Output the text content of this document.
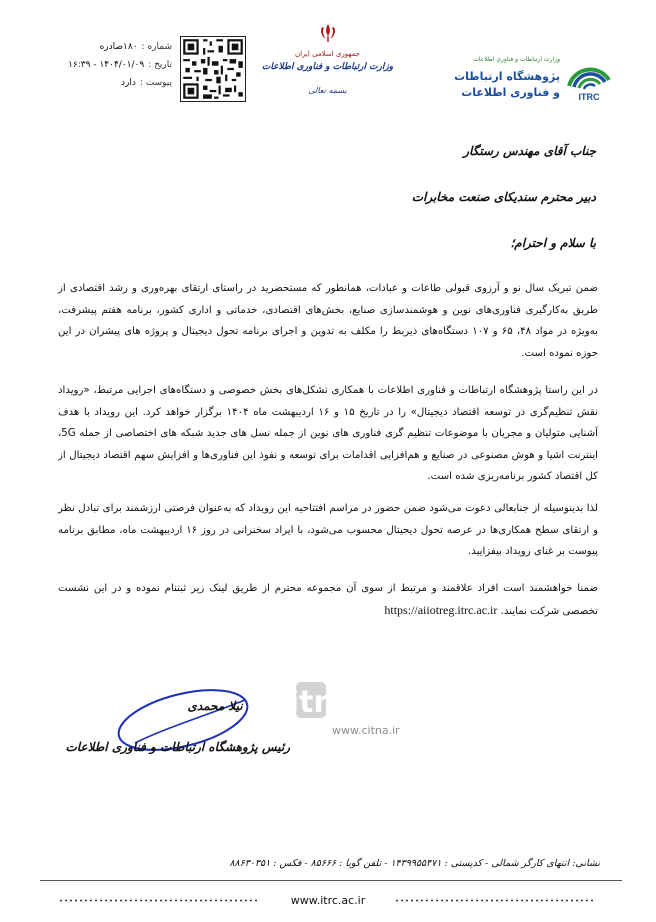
شماره :
۱۸۰صادره
تاریخ :
۱۴۰۴/۰۱/۰۹ - ۱۶:۳۹
پیوست :
دارد
جمهوری اسلامی ایران
وزارت ارتباطات و فناوری اطلاعات
بسمه تعالی
وزارت ارتباطات و فناوری اطلاعات
پژوهشگاه ارتباطات
و فناوری اطلاعات ITRC
جناب آقای مهندس رستگار
دبیر محترم سندیکای صنعت مخابرات
با سلام و احترام؛

ضمن تبریک سال نو و آرزوی قبولی طاعات و عبادات، همانطور که مستحضرید در راستای ارتقای بهره‌وری و رشد اقتصادی از طریق به‌کارگیری فناوری‌های نوین و هوشمندسازی صنایع، بخش‌های اقتصادی، خدماتی و اداری کشور، برنامه هفتم پیشرفت، به‌ویژه در مواد ۴۸، ۶۵ و ۱۰۷ دستگاه‌های ذیربط را مکلف به تدوین و اجرای برنامه تحول دیجیتال و پروژه های پیشران در این حوزه نموده است.

در این راستا پژوهشگاه ارتباطات و فناوری اطلاعات با همکاری تشکل‌های بخش خصوصی و دستگاه‌های اجرایی مرتبط، «رویداد نقش تنظیم‌گری در توسعه اقتصاد دیجیتال» را در تاریخ ۱۵ و ۱۶ اردیبهشت ماه ۱۴۰۴ برگزار خواهد کرد. این رویداد با هدف آشنایی متولیان و مجریان با موضوعات تنظیم گری فناوری های نوین از جمله نسل های جدید شبکه های اختصاصی از جمله 5G، اینترنت اشیا و هوش مصنوعی در صنایع و هم‌افزایی اقدامات برای توسعه و نفوذ این فناوری‌ها و افزایش سهم اقتصاد دیجیتال از کل اقتصاد کشور برنامه‌ریزی شده است.

لذا بدینوسیله از جنابعالی دعوت می‌شود ضمن حضور در مراسم افتتاحیه این رویداد که به‌عنوان فرصتی ارزشمند برای تبادل نظر و ارتقای سطح همکاری‌ها در عرصه تحول دیجیتال محسوب می‌شود، با ایراد سخنرانی در روز ۱۶ اردیبهشت ماه، مطابق برنامه پیوست بر غنای رویداد بیفزایید.

ضمنا خواهشمند است افراد علاقمند و مرتبط از سوی آن مجموعه محترم از طریق لینک زیر ثبتنام نموده و در این نشست تخصصی شرکت نمایند. https://aiiotreg.itrc.ac.ir

نیلا محمدی
رئیس پژوهشگاه ارتباطات و فناوری اطلاعات
citna
www.citna.ir
نشانی: انتهای کارگر شمالی - کدپستی : ۱۴۳۹۹۵۵۴۷۱ - تلفن گویا : ۸۵۶۶۶ - فکس : ۸۸۶۳۰۳۵۱
www.itrc.ac.ir
